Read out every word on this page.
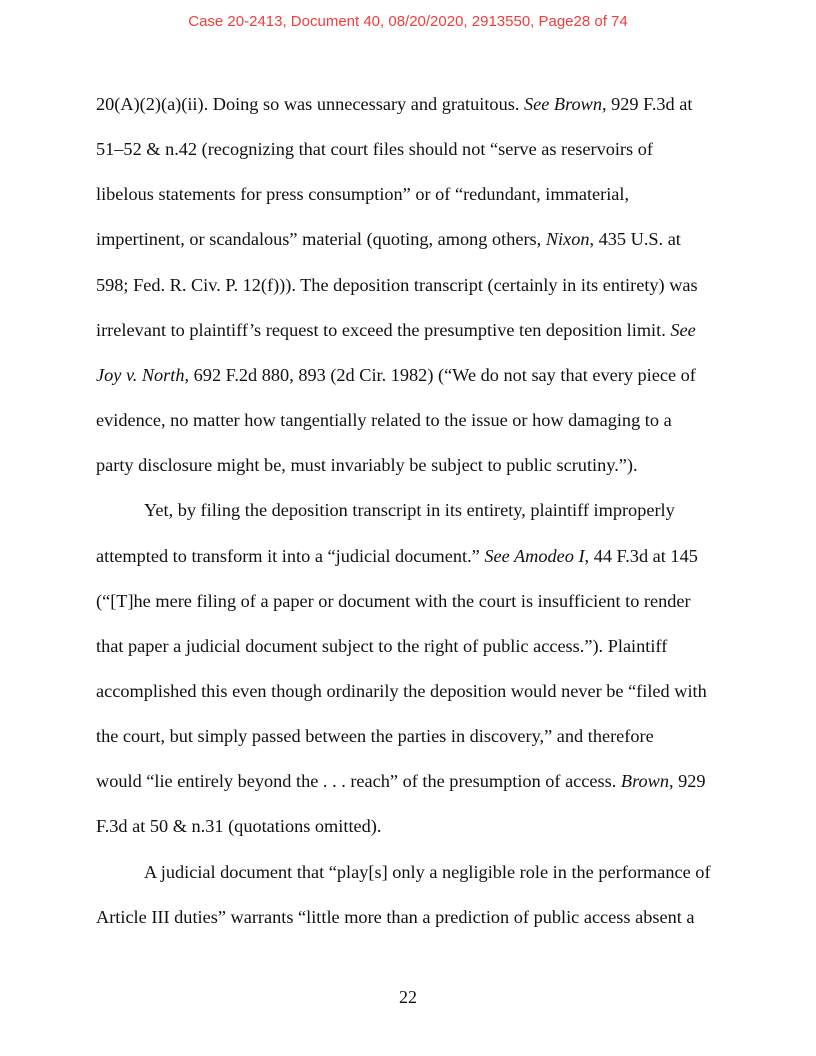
Case 20-2413, Document 40, 08/20/2020, 2913550, Page28 of 74
20(A)(2)(a)(ii). Doing so was unnecessary and gratuitous. See Brown, 929 F.3d at
51–52 & n.42 (recognizing that court files should not “serve as reservoirs of
libelous statements for press consumption” or of “redundant, immaterial,
impertinent, or scandalous” material (quoting, among others, Nixon, 435 U.S. at
598; Fed. R. Civ. P. 12(f))). The deposition transcript (certainly in its entirety) was
irrelevant to plaintiff’s request to exceed the presumptive ten deposition limit. See
Joy v. North, 692 F.2d 880, 893 (2d Cir. 1982) (“We do not say that every piece of
evidence, no matter how tangentially related to the issue or how damaging to a
party disclosure might be, must invariably be subject to public scrutiny.”).
Yet, by filing the deposition transcript in its entirety, plaintiff improperly
attempted to transform it into a “judicial document.” See Amodeo I, 44 F.3d at 145
(“[T]he mere filing of a paper or document with the court is insufficient to render
that paper a judicial document subject to the right of public access.”). Plaintiff
accomplished this even though ordinarily the deposition would never be “filed with
the court, but simply passed between the parties in discovery,” and therefore
would “lie entirely beyond the . . . reach” of the presumption of access. Brown, 929
F.3d at 50 & n.31 (quotations omitted).
A judicial document that “play[s] only a negligible role in the performance of
Article III duties” warrants “little more than a prediction of public access absent a
22
